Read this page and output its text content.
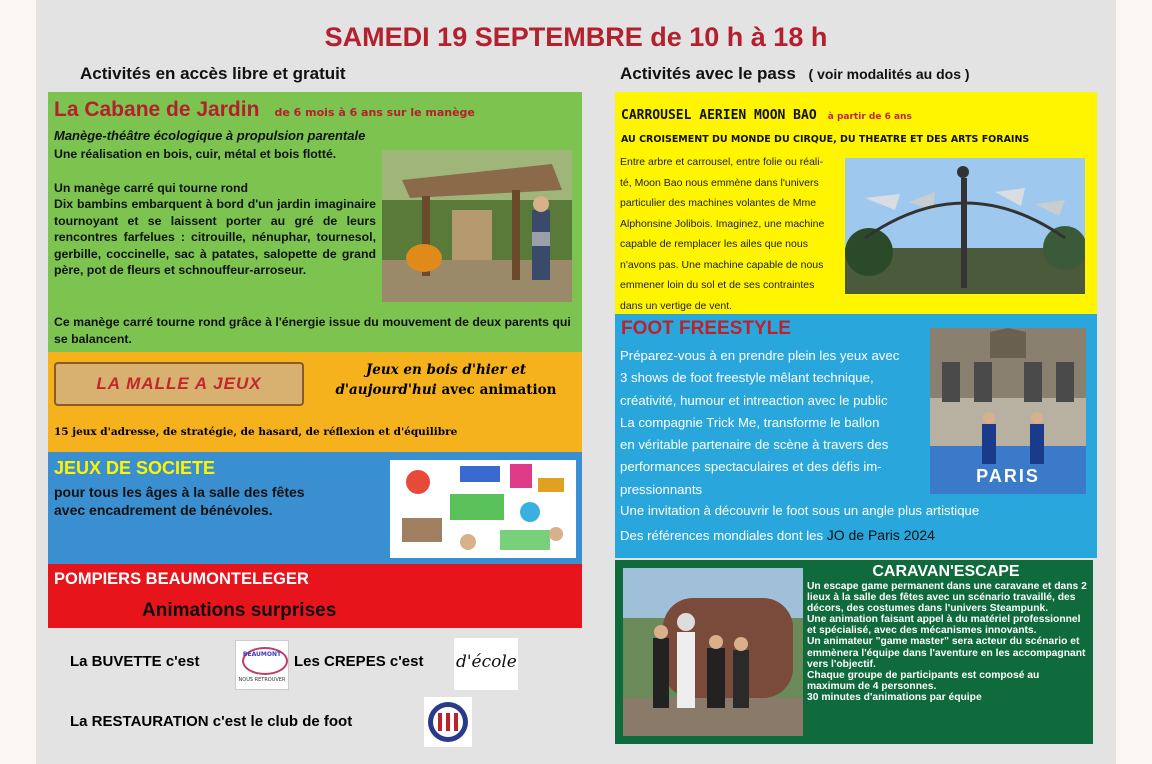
SAMEDI 19 SEPTEMBRE de 10 h à 18 h
Activités en accès libre et gratuit	Activités avec le pass ( voir modalités au dos )
La Cabane de Jardin de 6 mois à 6 ans sur le manège
Manège-théâtre écologique à propulsion parentale
Une réalisation en bois, cuir, métal et bois flotté.
Un manège carré qui tourne rond
Dix bambins embarquent à bord d'un jardin imaginaire tournoyant et se laissent porter au gré de leurs rencontres farfelues : citrouille, nénuphar, tournesol, gerbille, coccinelle, sac à patates, salopette de grand père, pot de fleurs et schnouffeur-arroseur.
Ce manège carré tourne rond grâce à l'énergie issue du mouvement de deux parents qui se balancent.
LA MALLE A JEUX
Jeux en bois d'hier et
d'aujourd'hui avec animation
15 jeux d'adresse, de stratégie, de hasard, de réflexion et d'équilibre
JEUX DE SOCIETE
pour tous les âges à la salle des fêtes
avec encadrement de bénévoles.
POMPIERS BEAUMONTELEGER
Animations surprises
La BUVETTE c'est	BEAUMONT
NOUS RETROUVER
Les CREPES c'est d'école
La RESTAURATION c'est le club de foot
CARROUSEL AERIEN MOON BAO à partir de 6 ans
AU CROISEMENT DU MONDE DU CIRQUE, DU THEATRE ET DES ARTS FORAINS
Entre arbre et carrousel, entre folie ou réali-
té, Moon Bao nous emmène dans l'univers
particulier des machines volantes de Mme
Alphonsine Jolibois. Imaginez, une machine
capable de remplacer les ailes que nous
n'avons pas. Une machine capable de nous
emmener loin du sol et de ses contraintes
dans un vertige de vent.
FOOT FREESTYLE
Préparez-vous à en prendre plein les yeux avec
3 shows de foot freestyle mêlant technique,
créativité, humour et intreaction avec le public
La compagnie Trick Me, transforme le ballon
en véritable partenaire de scène à travers des
performances spectaculaires et des défis im-
pressionnants
Une invitation à découvrir le foot sous un angle plus artistique
Des références mondiales dont les JO de Paris 2024
PARIS
CARAVAN'ESCAPE
Un escape game permanent dans une caravane et dans 2 lieux à la salle des fêtes avec un scénario travaillé, des décors, des costumes dans l'univers Steampunk.
Une animation faisant appel à du matériel professionnel et spécialisé, avec des mécanismes innovants.
Un animateur "game master" sera acteur du scénario et emmènera l'équipe dans l'aventure en les accompagnant vers l'objectif.
Chaque groupe de participants est composé au maximum de 4 personnes.
30 minutes d'animations par équipe
